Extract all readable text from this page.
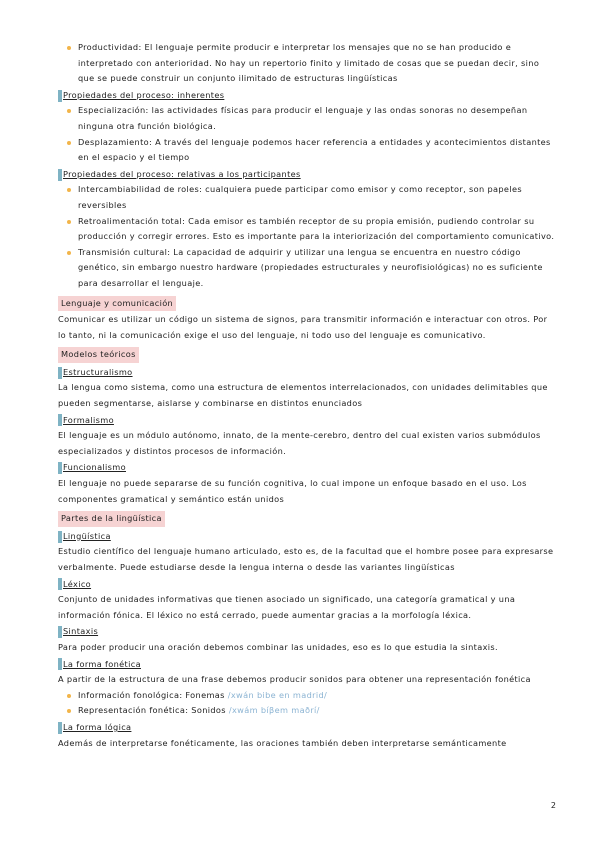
Productividad: El lenguaje permite producir e interpretar los mensajes que no se han producido e interpretado con anterioridad. No hay un repertorio finito y limitado de cosas que se puedan decir, sino que se puede construir un conjunto ilimitado de estructuras lingüísticas

Propiedades del proceso: inherentes

Especialización: las actividades físicas para producir el lenguaje y las ondas sonoras no desempeñan ninguna otra función biológica.

Desplazamiento: A través del lenguaje podemos hacer referencia a entidades y acontecimientos distantes en el espacio y el tiempo

Propiedades del proceso: relativas a los participantes

Intercambiabilidad de roles: cualquiera puede participar como emisor y como receptor, son papeles reversibles

Retroalimentación total: Cada emisor es también receptor de su propia emisión, pudiendo controlar su producción y corregir errores. Esto es importante para la interiorización del comportamiento comunicativo.

Transmisión cultural: La capacidad de adquirir y utilizar una lengua se encuentra en nuestro código genético, sin embargo nuestro hardware (propiedades estructurales y neurofisiológicas) no es suficiente para desarrollar el lenguaje.

Lenguaje y comunicación

Comunicar es utilizar un código un sistema de signos, para transmitir información e interactuar con otros. Por lo tanto, ni la comunicación exige el uso del lenguaje, ni todo uso del lenguaje es comunicativo.

Modelos teóricos
Estructuralismo

La lengua como sistema, como una estructura de elementos interrelacionados, con unidades delimitables que pueden segmentarse, aislarse y combinarse en distintos enunciados

Formalismo

El lenguaje es un módulo autónomo, innato, de la mente-cerebro, dentro del cual existen varios submódulos especializados y distintos procesos de información.

Funcionalismo

El lenguaje no puede separarse de su función cognitiva, lo cual impone un enfoque basado en el uso. Los componentes gramatical y semántico están unidos

Partes de la lingüística
Lingüística

Estudio científico del lenguaje humano articulado, esto es, de la facultad que el hombre posee para expresarse verbalmente. Puede estudiarse desde la lengua interna o desde las variantes lingüísticas

Léxico

Conjunto de unidades informativas que tienen asociado un significado, una categoría gramatical y una información fónica. El léxico no está cerrado, puede aumentar gracias a la morfología léxica.

Sintaxis

Para poder producir una oración debemos combinar las unidades, eso es lo que estudia la sintaxis.

La forma fonética

A partir de la estructura de una frase debemos producir sonidos para obtener una representación fonética

Información fonológica: Fonemas /xwán bibe en madrid/

Representación fonética: Sonidos /xwám bíβem maðrí/

La forma lógica

Además de interpretarse fonéticamente, las oraciones también deben interpretarse semánticamente

2
